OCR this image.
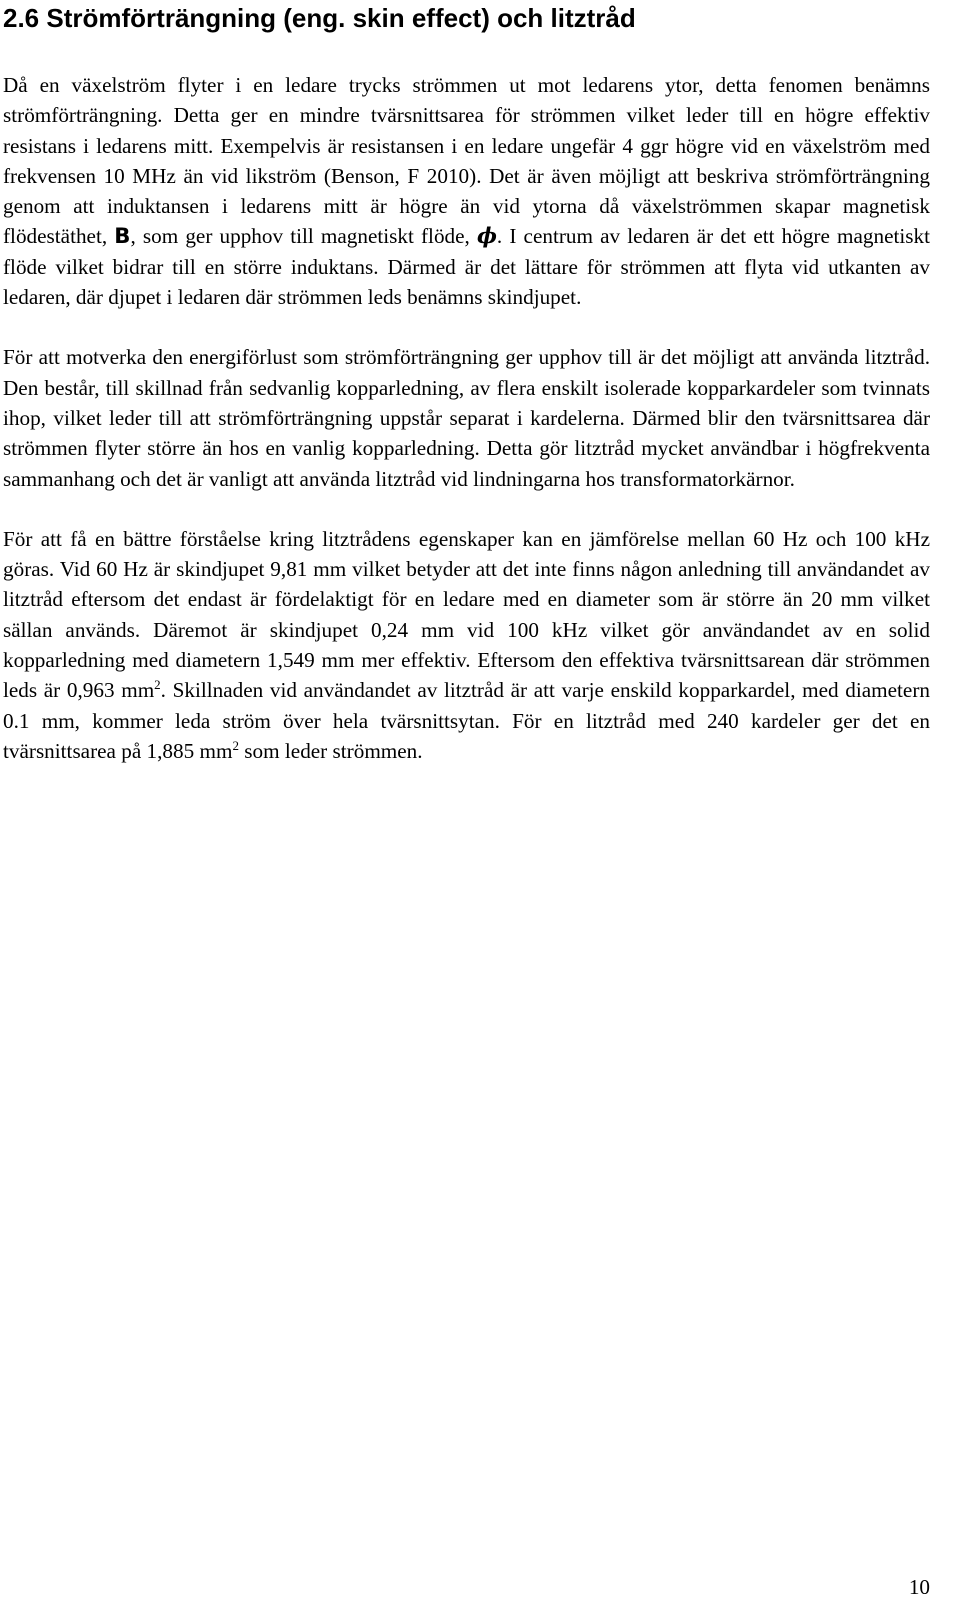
2.6 Strömförträngning (eng. skin effect) och litztråd

Då en växelström flyter i en ledare trycks strömmen ut mot ledarens ytor, detta fenomen benämns strömförträngning. Detta ger en mindre tvärsnittsarea för strömmen vilket leder till en högre effektiv resistans i ledarens mitt. Exempelvis är resistansen i en ledare ungefär 4 ggr högre vid en växelström med frekvensen 10 MHz än vid likström (Benson, F 2010). Det är även möjligt att beskriva strömförträngning genom att induktansen i ledarens mitt är högre än vid ytorna då växelströmmen skapar magnetisk flödestäthet, B, som ger upphov till magnetiskt flöde, ϕ. I centrum av ledaren är det ett högre magnetiskt flöde vilket bidrar till en större induktans. Därmed är det lättare för strömmen att flyta vid utkanten av ledaren, där djupet i ledaren där strömmen leds benämns skindjupet.

För att motverka den energiförlust som strömförträngning ger upphov till är det möjligt att använda litztråd. Den består, till skillnad från sedvanlig kopparledning, av flera enskilt isolerade kopparkardeler som tvinnats ihop, vilket leder till att strömförträngning uppstår separat i kardelerna. Därmed blir den tvärsnittsarea där strömmen flyter större än hos en vanlig kopparledning. Detta gör litztråd mycket användbar i högfrekventa sammanhang och det är vanligt att använda litztråd vid lindningarna hos transformatorkärnor.

För att få en bättre förståelse kring litztrådens egenskaper kan en jämförelse mellan 60 Hz och 100 kHz göras. Vid 60 Hz är skindjupet 9,81 mm vilket betyder att det inte finns någon anledning till användandet av litztråd eftersom det endast är fördelaktigt för en ledare med en diameter som är större än 20 mm vilket sällan används. Däremot är skindjupet 0,24 mm vid 100 kHz vilket gör användandet av en solid kopparledning med diametern 1,549 mm mer effektiv. Eftersom den effektiva tvärsnittsarean där strömmen leds är 0,963 $mm^2$. Skillnaden vid användandet av litztråd är att varje enskild kopparkardel, med diametern 0.1 mm, kommer leda ström över hela tvärsnittsytan. För en litztråd med 240 kardeler ger det en tvärsnittsarea på 1,885 $mm^2$ som leder strömmen.

10
